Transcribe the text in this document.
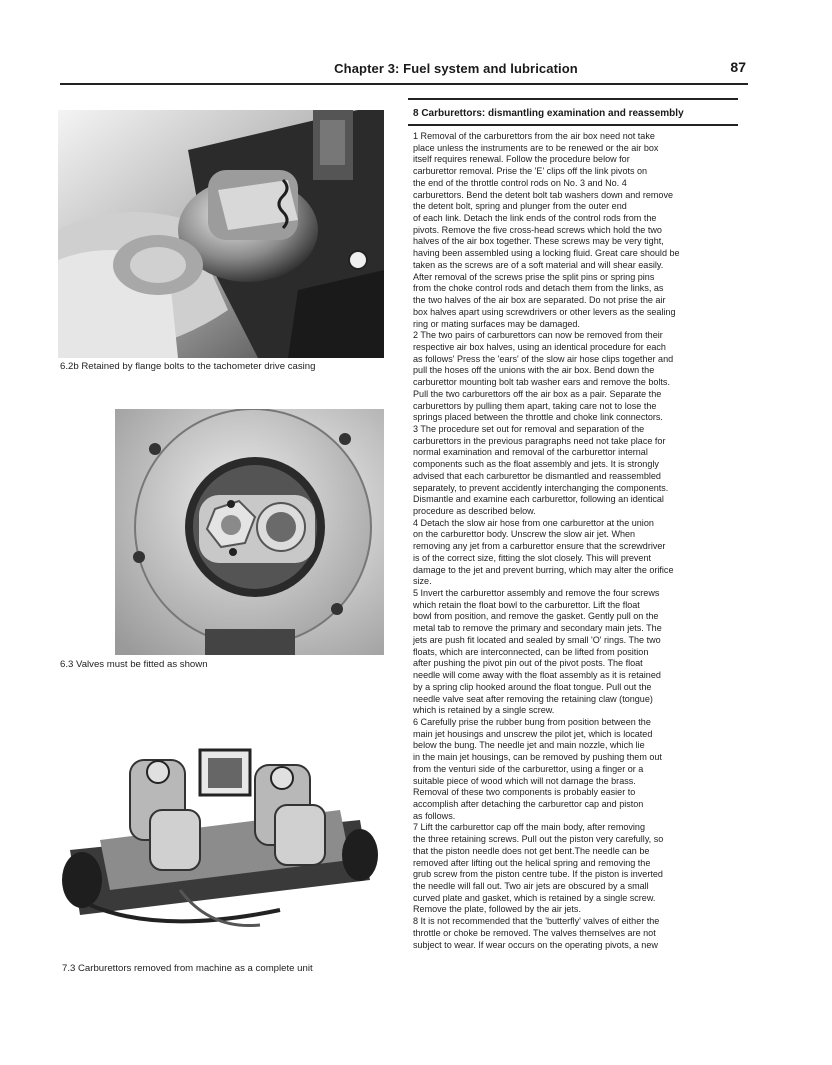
Chapter 3: Fuel system and lubrication	87
6.2b Retained by flange bolts to the tachometer drive casing
6.3 Valves must be fitted as shown
7.3 Carburettors removed from machine as a complete unit
8 Carburettors: dismantling examination and reassembly
1 Removal of the carburettors from the air box need not take
place unless the instruments are to be renewed or the air box
itself requires renewal. Follow the procedure below for
carburettor removal. Prise the 'E' clips off the link pivots on
the end of the throttle control rods on No. 3 and No. 4
carburettors. Bend the detent bolt tab washers down and remove
the detent bolt, spring and plunger from the outer end
of each link. Detach the link ends of the control rods from the
pivots. Remove the five cross-head screws which hold the two
halves of the air box together. These screws may be very tight,
having been assembled using a locking fluid. Great care should be
taken as the screws are of a soft material and will shear easily.
After removal of the screws prise the split pins or spring pins
from the choke control rods and detach them from the links, as
the two halves of the air box are separated. Do not prise the air
box halves apart using screwdrivers or other levers as the sealing
ring or mating surfaces may be damaged.
2 The two pairs of carburettors can now be removed from their
respective air box halves, using an identical procedure for each
as follows' Press the 'ears' of the slow air hose clips together and
pull the hoses off the unions with the air box. Bend down the
carburettor mounting bolt tab washer ears and remove the bolts.
Pull the two carburettors off the air box as a pair. Separate the
carburettors by pulling them apart, taking care not to lose the
springs placed between the throttle and choke link connectors.
3 The procedure set out for removal and separation of the
carburettors in the previous paragraphs need not take place for
normal examination and removal of the carburettor internal
components such as the float assembly and jets. It is strongly
advised that each carburettor be dismantled and reassembled
separately, to prevent accidently interchanging the components.
Dismantle and examine each carburettor, following an identical
procedure as described below.
4 Detach the slow air hose from one carburettor at the union
on the carburettor body. Unscrew the slow air jet. When
removing any jet from a carburettor ensure that the screwdriver
is of the correct size, fitting the slot closely. This will prevent
damage to the jet and prevent burring, which may alter the orifice
size.
5 Invert the carburettor assembly and remove the four screws
which retain the float bowl to the carburettor. Lift the float
bowl from position, and remove the gasket. Gently pull on the
metal tab to remove the primary and secondary main jets. The
jets are push fit located and sealed by small 'O' rings. The two
floats, which are interconnected, can be lifted from position
after pushing the pivot pin out of the pivot posts. The float
needle will come away with the float assembly as it is retained
by a spring clip hooked around the float tongue. Pull out the
needle valve seat after removing the retaining claw (tongue)
which is retained by a single screw.
6 Carefully prise the rubber bung from position between the
main jet housings and unscrew the pilot jet, which is located
below the bung. The needle jet and main nozzle, which lie
in the main jet housings, can be removed by pushing them out
from the venturi side of the carburettor, using a finger or a
suitable piece of wood which will not damage the brass.
Removal of these two components is probably easier to
accomplish after detaching the carburettor cap and piston
as follows.
7 Lift the carburettor cap off the main body, after removing
the three retaining screws. Pull out the piston very carefully, so
that the piston needle does not get bent.The needle can be
removed after lifting out the helical spring and removing the
grub screw from the piston centre tube. If the piston is inverted
the needle will fall out. Two air jets are obscured by a small
curved plate and gasket, which is retained by a single screw.
Remove the plate, followed by the air jets.
8 It is not recommended that the 'butterfly' valves of either the
throttle or choke be removed. The valves themselves are not
subject to wear. If wear occurs on the operating pivots, a new
